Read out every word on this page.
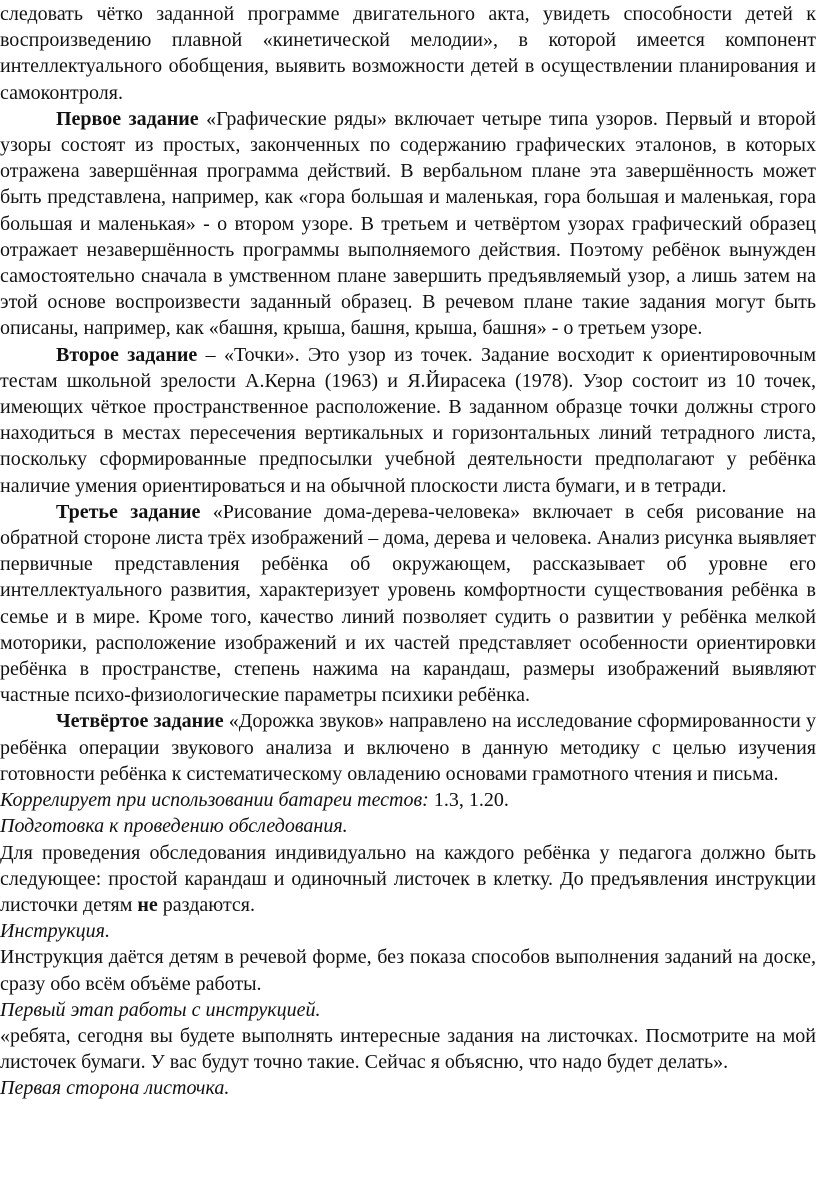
следовать чётко заданной программе двигательного акта, увидеть способности детей к воспроизведению плавной «кинетической мелодии», в которой имеется компонент интеллектуального обобщения, выявить возможности детей в осуществлении планирования и самоконтроля.

Первое задание «Графические ряды» включает четыре типа узоров. Первый и второй узоры состоят из простых, законченных по содержанию графических эталонов, в которых отражена завершённая программа действий. В вербальном плане эта завершённость может быть представлена, например, как «гора большая и маленькая, гора большая и маленькая, гора большая и маленькая» - о втором узоре. В третьем и четвёртом узорах графический образец отражает незавершённость программы выполняемого действия. Поэтому ребёнок вынужден самостоятельно сначала в умственном плане завершить предъявляемый узор, а лишь затем на этой основе воспроизвести заданный образец. В речевом плане такие задания могут быть описаны, например, как «башня, крыша, башня, крыша, башня» - о третьем узоре.

Второе задание – «Точки». Это узор из точек. Задание восходит к ориентировочным тестам школьной зрелости А.Керна (1963) и Я.Йирасека (1978). Узор состоит из 10 точек, имеющих чёткое пространственное расположение. В заданном образце точки должны строго находиться в местах пересечения вертикальных и горизонтальных линий тетрадного листа, поскольку сформированные предпосылки учебной деятельности предполагают у ребёнка наличие умения ориентироваться и на обычной плоскости листа бумаги, и в тетради.

Третье задание «Рисование дома-дерева-человека» включает в себя рисование на обратной стороне листа трёх изображений – дома, дерева и человека. Анализ рисунка выявляет первичные представления ребёнка об окружающем, рассказывает об уровне его интеллектуального развития, характеризует уровень комфортности существования ребёнка в семье и в мире. Кроме того, качество линий позволяет судить о развитии у ребёнка мелкой моторики, расположение изображений и их частей представляет особенности ориентировки ребёнка в пространстве, степень нажима на карандаш, размеры изображений выявляют частные психо-физиологические параметры психики ребёнка.

Четвёртое задание «Дорожка звуков» направлено на исследование сформированности у ребёнка операции звукового анализа и включено в данную методику с целью изучения готовности ребёнка к систематическому овладению основами грамотного чтения и письма.

Коррелирует при использовании батареи тестов: 1.3, 1.20.

Подготовка к проведению обследования.

Для проведения обследования индивидуально на каждого ребёнка у педагога должно быть следующее: простой карандаш и одиночный листочек в клетку. До предъявления инструкции листочки детям не раздаются.

Инструкция.

Инструкция даётся детям в речевой форме, без показа способов выполнения заданий на доске, сразу обо всём объёме работы.

Первый этап работы с инструкцией.

«ребята, сегодня вы будете выполнять интересные задания на листочках. Посмотрите на мой листочек бумаги. У вас будут точно такие. Сейчас я объясню, что надо будет делать».

Первая сторона листочка.
